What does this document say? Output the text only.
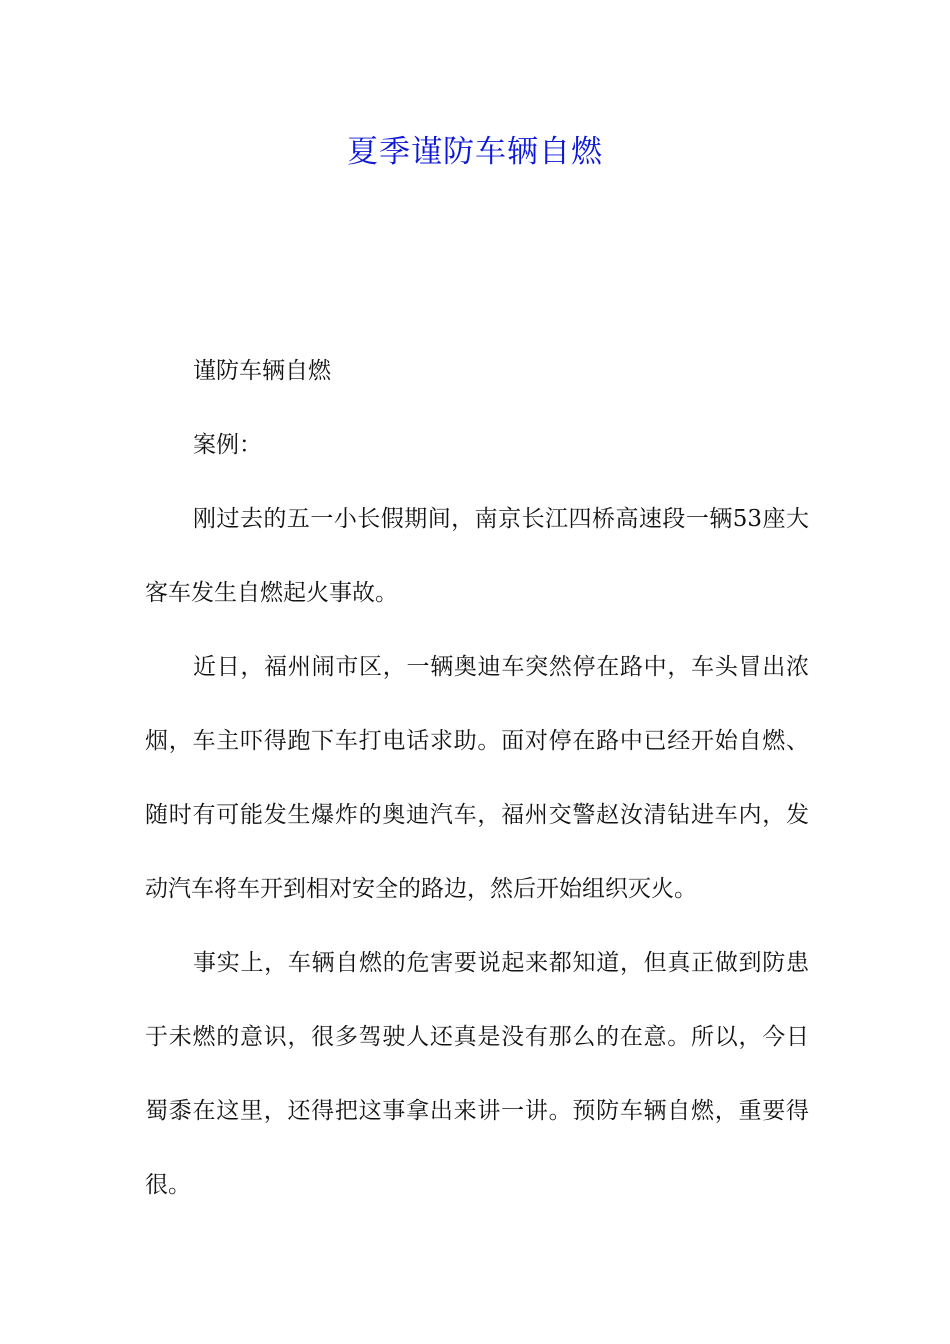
夏季谨防车辆自燃

谨防车辆自燃

案例：

刚过去的五一小长假期间，南京长江四桥高速段一辆53座大客车发生自燃起火事故。

近日，福州闹市区，一辆奥迪车突然停在路中，车头冒出浓烟，车主吓得跑下车打电话求助。面对停在路中已经开始自燃、随时有可能发生爆炸的奥迪汽车，福州交警赵汝清钻进车内，发动汽车将车开到相对安全的路边，然后开始组织灭火。

事实上，车辆自燃的危害要说起来都知道，但真正做到防患于未燃的意识，很多驾驶人还真是没有那么的在意。所以，今日蜀黍在这里，还得把这事拿出来讲一讲。预防车辆自燃，重要得很。
